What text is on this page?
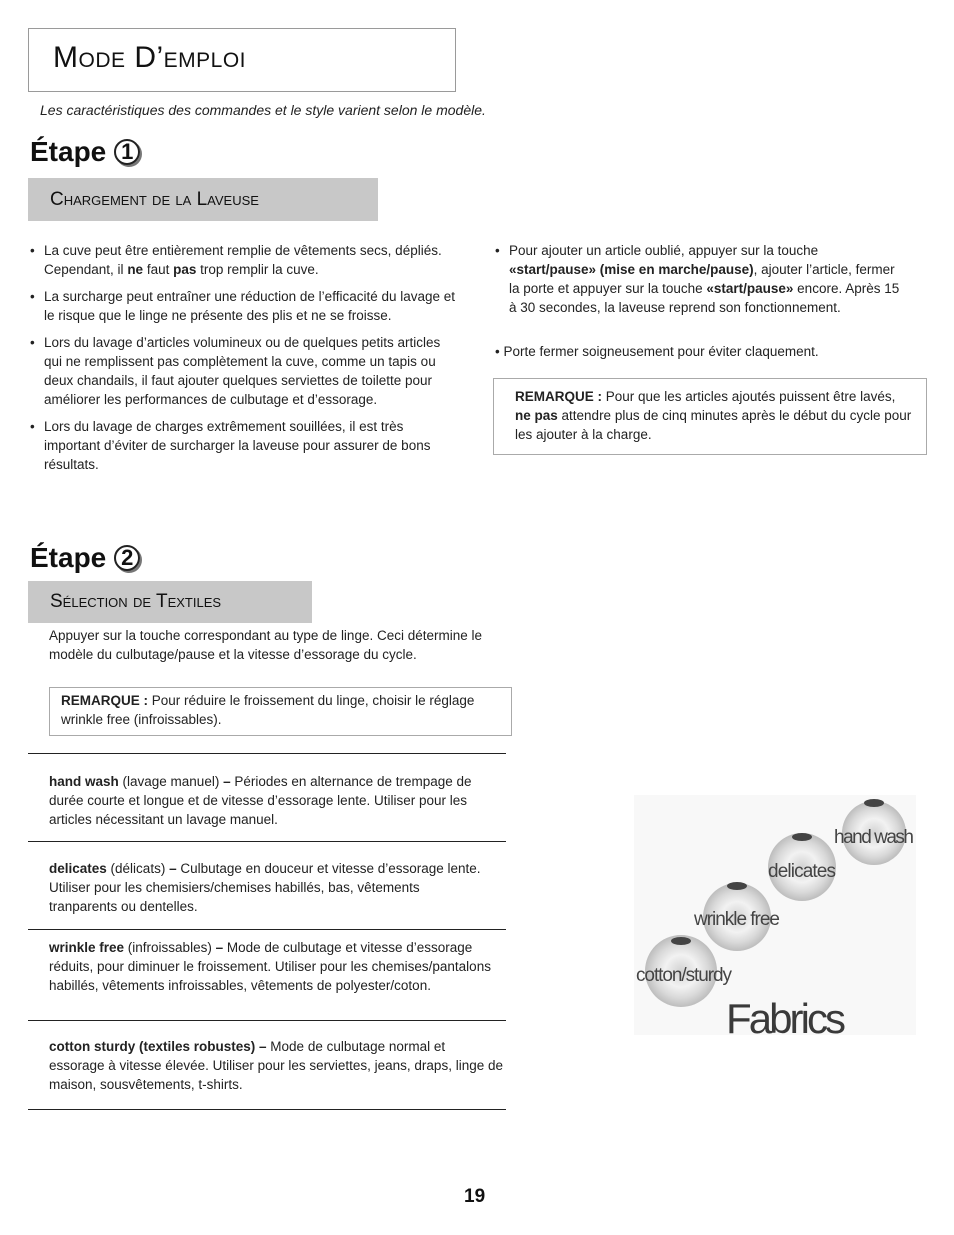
Mode D’emploi
Les caractéristiques des commandes et le style varient selon le modèle.
Étape 1
Chargement de la Laveuse
• La cuve peut être entièrement remplie de vêtements secs, dépliés. Cependant, il ne faut pas trop remplir la cuve.
• La surcharge peut entraîner une réduction de l’efficacité du lavage et le risque que le linge ne présente des plis et ne se froisse.
• Lors du lavage d’articles volumineux ou de quelques petits articles qui ne remplissent pas complètement la cuve, comme un tapis ou deux chandails, il faut ajouter quelques serviettes de toilette pour améliorer les performances de culbutage et d’essorage.
• Lors du lavage de charges extrêmement souillées, il est très important d’éviter de surcharger la laveuse pour assurer de bons résultats.
• Pour ajouter un article oublié, appuyer sur la touche «start/pause» (mise en marche/pause), ajouter l’article, fermer la porte et appuyer sur la touche «start/pause» encore. Après 15 à 30 secondes, la laveuse reprend son fonctionnement.
• Porte fermer soigneusement pour éviter claquement.
REMARQUE : Pour que les articles ajoutés puissent être lavés, ne pas attendre plus de cinq minutes après le début du cycle pour les ajouter à la charge.
Étape 2
Sélection de Textiles
Appuyer sur la touche correspondant au type de linge. Ceci détermine le modèle du culbutage/pause et la vitesse d’essorage du cycle.
REMARQUE : Pour réduire le froissement du linge, choisir le réglage wrinkle free (infroissables).
hand wash (lavage manuel) – Périodes en alternance de trempage de durée courte et longue et de vitesse d’essorage lente. Utiliser pour les articles nécessitant un lavage manuel.
delicates (délicats) – Culbutage en douceur et vitesse d’essorage lente. Utiliser pour les chemisiers/chemises habillés, bas, vêtements tranparents ou dentelles.
wrinkle free (infroissables) – Mode de culbutage et vitesse d’essorage réduits, pour diminuer le froissement. Utiliser pour les chemises/pantalons habillés, vêtements infroissables, vêtements de polyester/coton.
cotton sturdy (textiles robustes) – Mode de culbutage normal et essorage à vitesse élevée. Utiliser pour les serviettes, jeans, draps, linge de maison, sousvêtements, t-shirts.
hand wash
delicates
wrinkle free
cotton/sturdy
Fabrics
19
